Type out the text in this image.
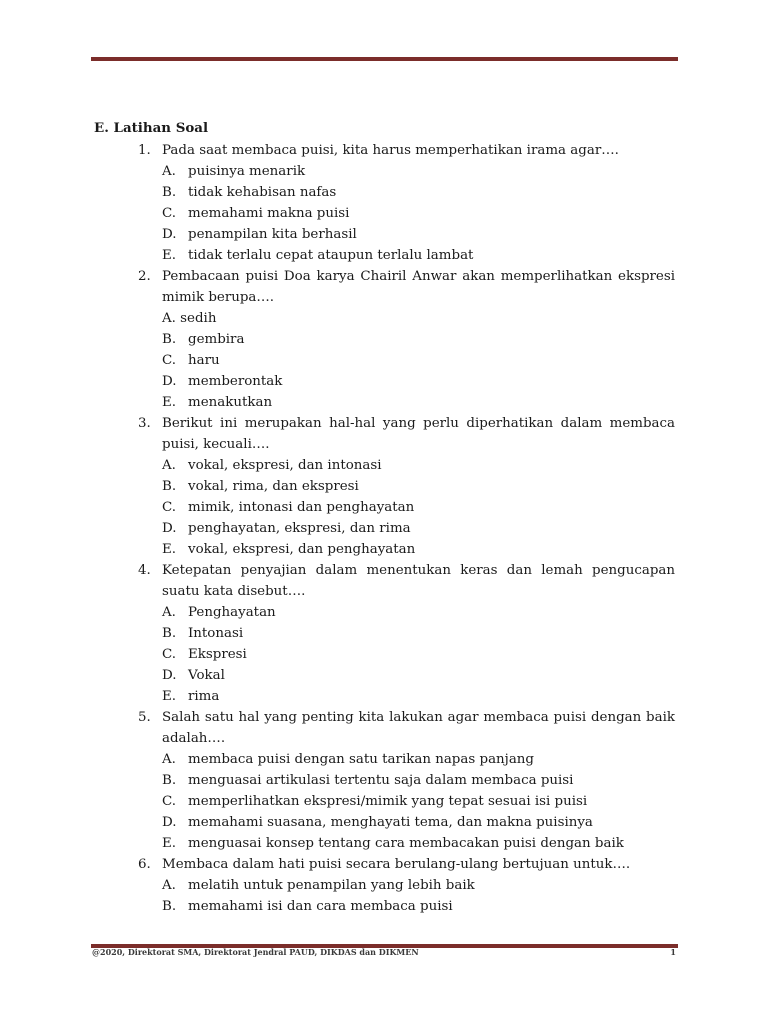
E. Latihan Soal
1. Pada saat membaca puisi, kita harus memperhatikan irama agar….
A. puisinya menarik
B. tidak kehabisan nafas
C. memahami makna puisi
D. penampilan kita berhasil
E. tidak terlalu cepat ataupun terlalu lambat
2. Pembacaan puisi Doa karya Chairil Anwar akan memperlihatkan ekspresi mimik berupa….
A. sedih
B. gembira
C. haru
D. memberontak
E. menakutkan
3. Berikut ini merupakan hal-hal yang perlu diperhatikan dalam membaca puisi, kecuali….
A. vokal, ekspresi, dan intonasi
B. vokal, rima, dan ekspresi
C. mimik, intonasi dan penghayatan
D. penghayatan, ekspresi, dan rima
E. vokal, ekspresi, dan penghayatan
4. Ketepatan penyajian dalam menentukan keras dan lemah pengucapan suatu kata disebut….
A. Penghayatan
B. Intonasi
C. Ekspresi
D. Vokal
E. rima
5. Salah satu hal yang penting kita lakukan agar membaca puisi dengan baik adalah….
A. membaca puisi dengan satu tarikan napas panjang
B. menguasai artikulasi tertentu saja dalam membaca puisi
C. memperlihatkan ekspresi/mimik yang tepat sesuai isi puisi
D. memahami suasana, menghayati tema, dan makna puisinya
E. menguasai konsep tentang cara membacakan puisi dengan baik
6. Membaca dalam hati puisi secara berulang-ulang bertujuan untuk….
A. melatih untuk penampilan yang lebih baik
B. memahami isi dan cara membaca puisi
@2020, Direktorat SMA, Direktorat Jendral PAUD, DIKDAS dan DIKMEN	1
